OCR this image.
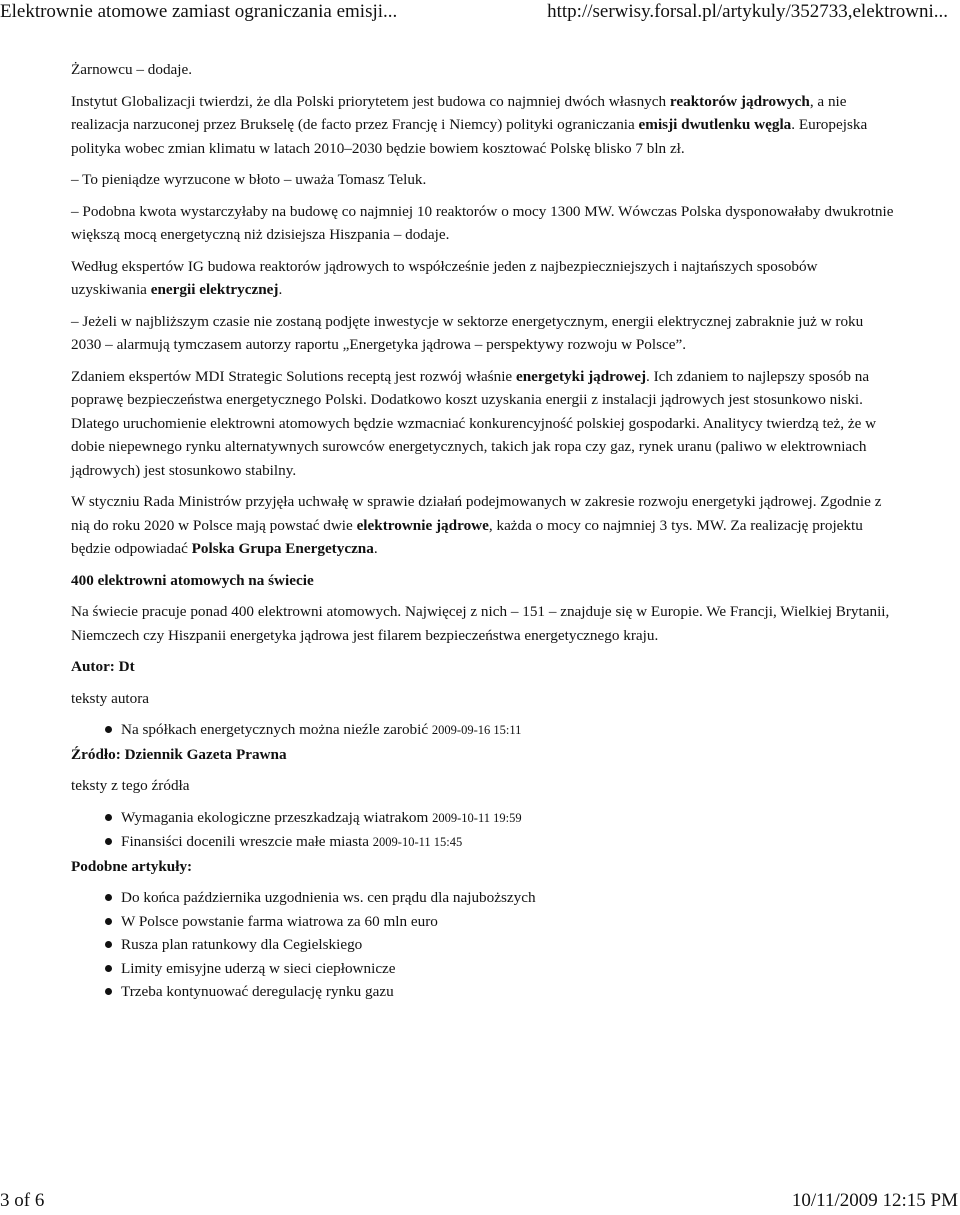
Elektrownie atomowe zamiast ograniczania emisji...	http://serwisy.forsal.pl/artykuly/352733,elektrowni...

Żarnowcu – dodaje.

Instytut Globalizacji twierdzi, że dla Polski priorytetem jest budowa co najmniej dwóch własnych reaktorów jądrowych, a nie realizacja narzuconej przez Brukselę (de facto przez Francję i Niemcy) polityki ograniczania emisji dwutlenku węgla. Europejska polityka wobec zmian klimatu w latach 2010–2030 będzie bowiem kosztować Polskę blisko 7 bln zł.

– To pieniądze wyrzucone w błoto – uważa Tomasz Teluk.

– Podobna kwota wystarczyłaby na budowę co najmniej 10 reaktorów o mocy 1300 MW. Wówczas Polska dysponowałaby dwukrotnie większą mocą energetyczną niż dzisiejsza Hiszpania – dodaje.

Według ekspertów IG budowa reaktorów jądrowych to współcześnie jeden z najbezpieczniejszych i najtańszych sposobów uzyskiwania energii elektrycznej.

– Jeżeli w najbliższym czasie nie zostaną podjęte inwestycje w sektorze energetycznym, energii elektrycznej zabraknie już w roku 2030 – alarmują tymczasem autorzy raportu „Energetyka jądrowa – perspektywy rozwoju w Polsce”.

Zdaniem ekspertów MDI Strategic Solutions receptą jest rozwój właśnie energetyki jądrowej. Ich zdaniem to najlepszy sposób na poprawę bezpieczeństwa energetycznego Polski. Dodatkowo koszt uzyskania energii z instalacji jądrowych jest stosunkowo niski. Dlatego uruchomienie elektrowni atomowych będzie wzmacniać konkurencyjność polskiej gospodarki. Analitycy twierdzą też, że w dobie niepewnego rynku alternatywnych surowców energetycznych, takich jak ropa czy gaz, rynek uranu (paliwo w elektrowniach jądrowych) jest stosunkowo stabilny.

W styczniu Rada Ministrów przyjęła uchwałę w sprawie działań podejmowanych w zakresie rozwoju energetyki jądrowej. Zgodnie z nią do roku 2020 w Polsce mają powstać dwie elektrownie jądrowe, każda o mocy co najmniej 3 tys. MW. Za realizację projektu będzie odpowiadać Polska Grupa Energetyczna.

400 elektrowni atomowych na świecie

Na świecie pracuje ponad 400 elektrowni atomowych. Najwięcej z nich – 151 – znajduje się w Europie. We Francji, Wielkiej Brytanii, Niemczech czy Hiszpanii energetyka jądrowa jest filarem bezpieczeństwa energetycznego kraju.

Autor: Dt

teksty autora

Na spółkach energetycznych można nieźle zarobić 2009-09-16 15:11
Źródło: Dziennik Gazeta Prawna

teksty z tego źródła

Wymagania ekologiczne przeszkadzają wiatrakom 2009-10-11 19:59
Finansiści docenili wreszcie małe miasta 2009-10-11 15:45
Podobne artykuły:
Do końca października uzgodnienia ws. cen prądu dla najuboższych
W Polsce powstanie farma wiatrowa za 60 mln euro
Rusza plan ratunkowy dla Cegielskiego
Limity emisyjne uderzą w sieci ciepłownicze
Trzeba kontynuować deregulację rynku gazu
3 of 6	10/11/2009 12:15 PM
